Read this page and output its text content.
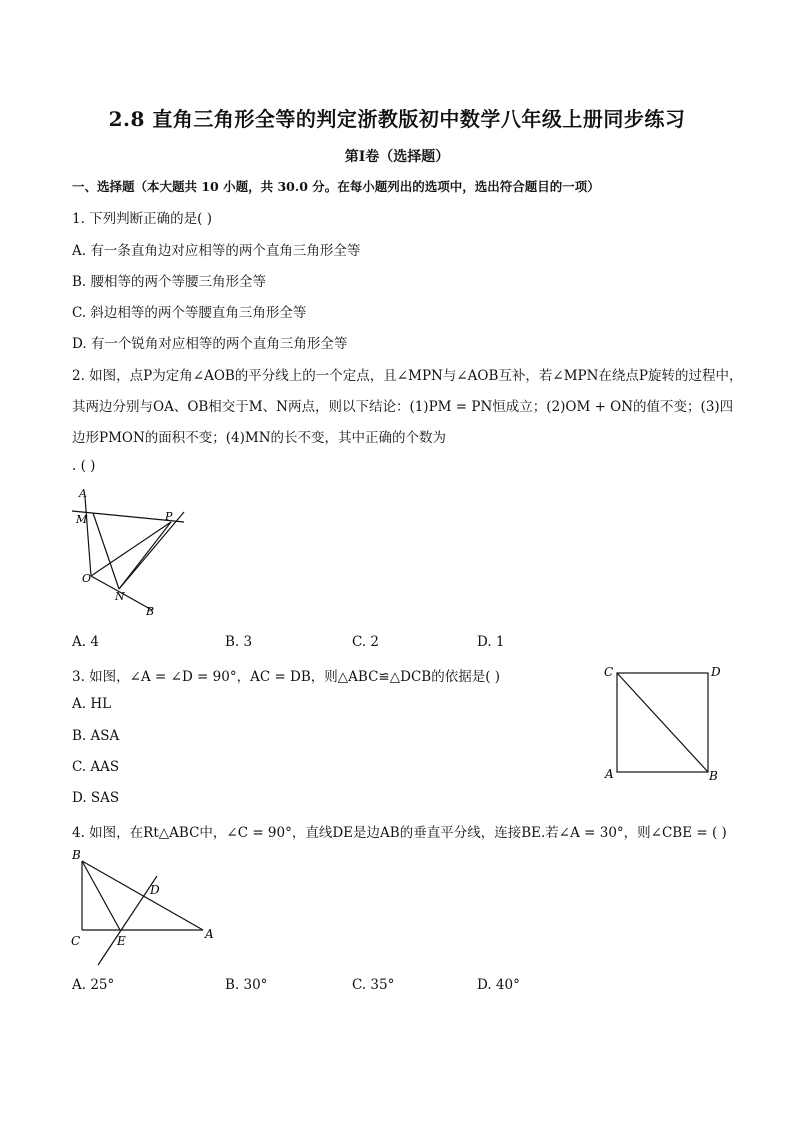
2.8 直角三角形全等的判定浙教版初中数学八年级上册同步练习
第Ⅰ卷（选择题）
一、选择题（本大题共 10 小题，共 30.0 分。在每小题列出的选项中，选出符合题目的一项）
1. 下列判断正确的是( )
A. 有一条直角边对应相等的两个直角三角形全等
B. 腰相等的两个等腰三角形全等
C. 斜边相等的两个等腰直角三角形全等
D. 有一个锐角对应相等的两个直角三角形全等
2. 如图，点P为定角∠AOB的平分线上的一个定点，且∠MPN与∠AOB互补，若∠MPN在绕点P旋转的过程中，
其两边分别与OA、OB相交于M、N两点，则以下结论：(1)PM = PN恒成立；(2)OM + ON的值不变；(3)四
边形PMON的面积不变；(4)MN的长不变，其中正确的个数为
. ( )
A
M	P
O
N
B
A. 4	B. 3	C. 2	D. 1
3. 如图，∠A = ∠D = 90°，AC = DB，则△ABC≌△DCB的依据是( )
A. HL
B. ASA
C. AAS
D. SAS
C	D
A	B
4. 如图，在Rt△ABC中，∠C = 90°，直线DE是边AB的垂直平分线，连接BE.若∠A = 30°，则∠CBE = ( )
B
D
C	E	A
A. 25°	B. 30°	C. 35°	D. 40°
